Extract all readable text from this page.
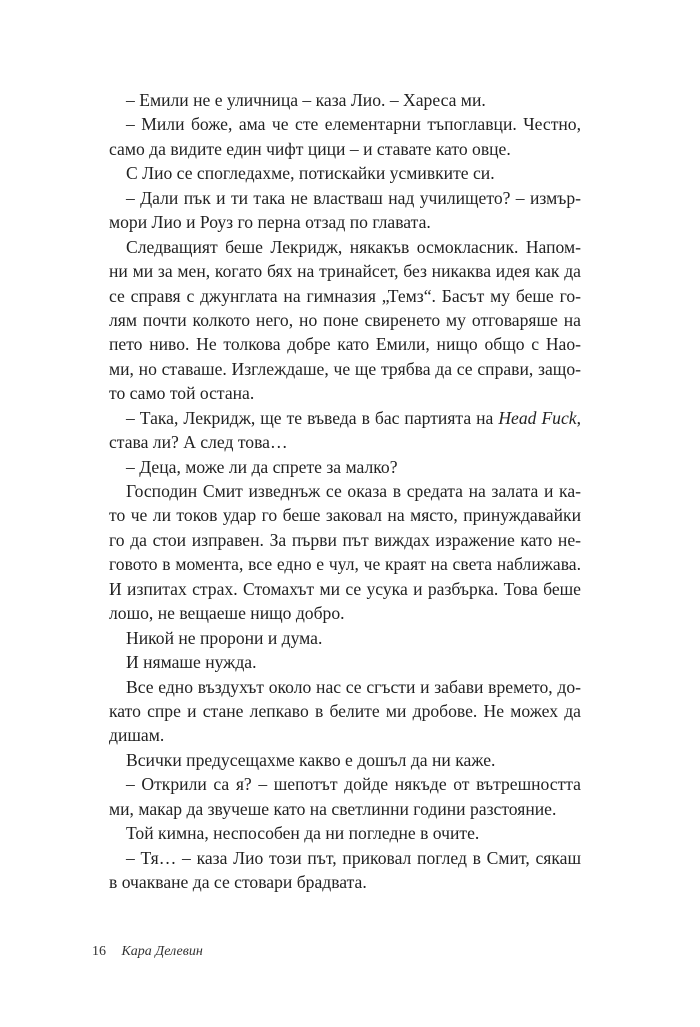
– Емили не е уличница – каза Лио. – Хареса ми.
– Мили боже, ама че сте елементарни тъпоглавци. Честно,
само да видите един чифт цици – и ставате като овце.
С Лио се спогледахме, потискайки усмивките си.
– Дали пък и ти така не властваш над училището? – измър-
мори Лио и Роуз го перна отзад по главата.
Следващият беше Лекридж, някакъв осмокласник. Напом-
ни ми за мен, когато бях на тринайсет, без никаква идея как да
се справя с джунглата на гимназия „Темз“. Басът му беше го-
лям почти колкото него, но поне свиренето му отговаряше на
пето ниво. Не толкова добре като Емили, нищо общо с Нао-
ми, но ставаше. Изглеждаше, че ще трябва да се справи, защо-
то само той остана.
– Така, Лекридж, ще те въведа в бас партията на Head Fuck,
става ли? А след това…
– Деца, може ли да спрете за малко?
Господин Смит изведнъж се оказа в средата на залата и ка-
то че ли токов удар го беше заковал на място, принуждавайки
го да стои изправен. За първи път виждах изражение като не-
говото в момента, все едно е чул, че краят на света наближава.
И изпитах страх. Стомахът ми се усука и разбърка. Това беше
лошо, не вещаеше нищо добро.
Никой не пророни и дума.
И нямаше нужда.
Все едно въздухът около нас се сгъсти и забави времето, до-
като спре и стане лепкаво в белите ми дробове. Не можех да
дишам.
Всички предусещахме какво е дошъл да ни каже.
– Открили са я? – шепотът дойде някъде от вътрешността
ми, макар да звучеше като на светлинни години разстояние.
Той кимна, неспособен да ни погледне в очите.
– Тя… – каза Лио този път, приковал поглед в Смит, сякаш
в очакване да се стовари брадвата.
16 Кара Делевин
